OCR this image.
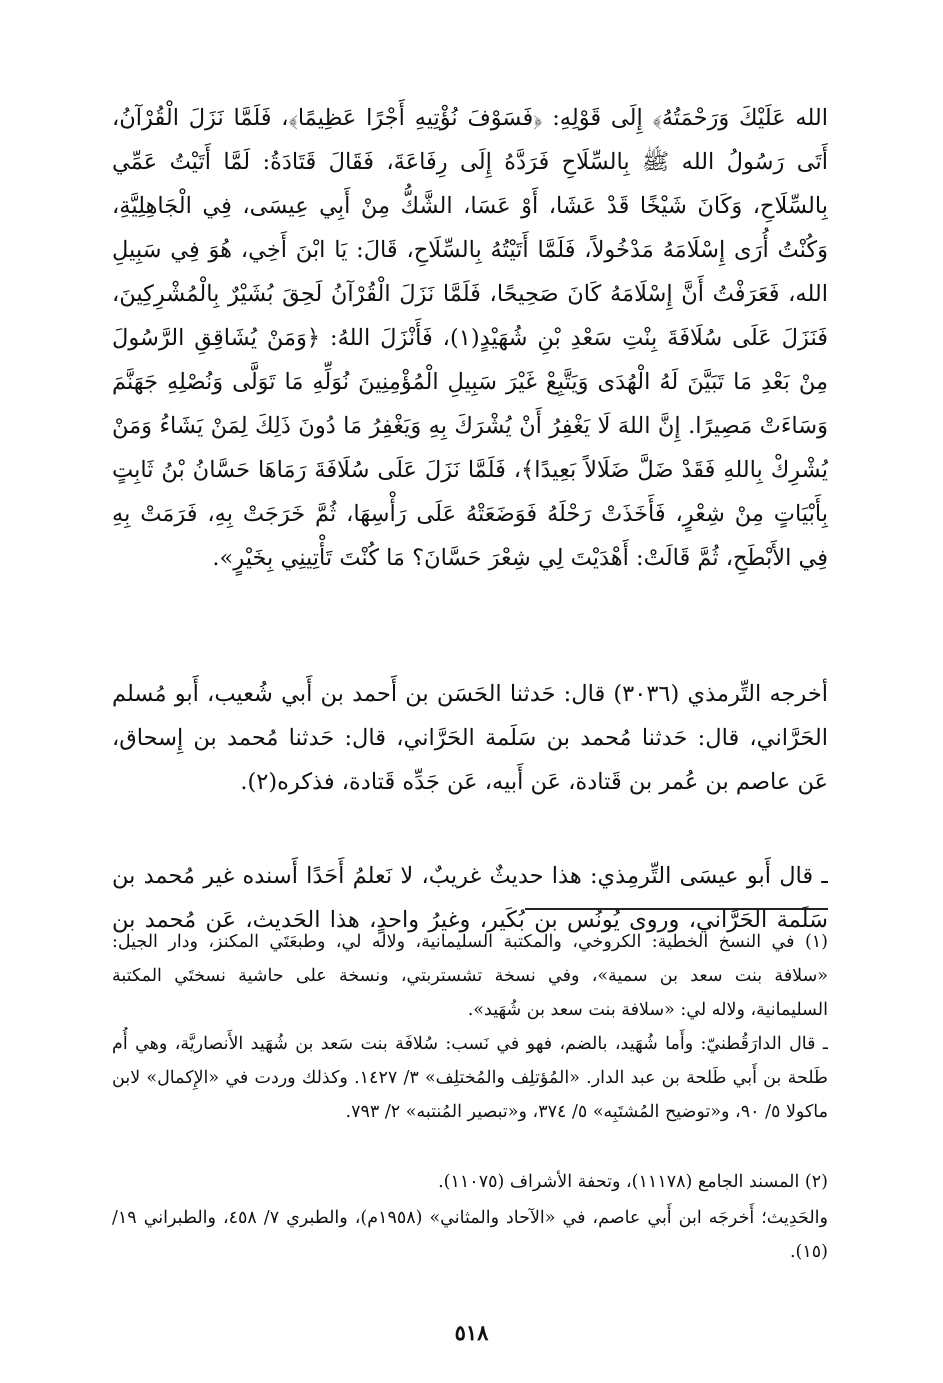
الله عَلَيْكَ وَرَحْمَتُهُ﴾ إِلَى قَوْلِهِ: ﴿فَسَوْفَ نُؤْتِيهِ أَجْرًا عَظِيمًا﴾، فَلَمَّا نَزَلَ الْقُرْآنُ، أَتَى رَسُولُ الله ﷺ بِالسِّلَاحِ فَرَدَّهُ إِلَى رِفَاعَةَ، فَقَالَ قَتَادَةُ: لَمَّا أَتَيْتُ عَمِّي بِالسِّلَاحِ، وَكَانَ شَيْخًا قَدْ عَشَا، أَوْ عَسَا، الشَّكُّ مِنْ أَبِي عِيسَى، فِي الْجَاهِلِيَّةِ، وَكُنْتُ أُرَى إِسْلَامَهُ مَدْخُولاً، فَلَمَّا أَتَيْتُهُ بِالسِّلَاحِ، قَالَ: يَا ابْنَ أَخِي، هُوَ فِي سَبِيلِ الله، فَعَرَفْتُ أَنَّ إِسْلَامَهُ كَانَ صَحِيحًا، فَلَمَّا نَزَلَ الْقُرْآنُ لَحِقَ بُشَيْرٌ بِالْمُشْرِكِينَ، فَنَزَلَ عَلَى سُلَافَةَ بِنْتِ سَعْدِ بْنِ شُهَيْدٍ(١)، فَأَنْزَلَ اللهُ: ﴿وَمَنْ يُشَاقِقِ الرَّسُولَ مِنْ بَعْدِ مَا تَبَيَّنَ لَهُ الْهُدَى وَيَتَّبِعْ غَيْرَ سَبِيلِ الْمُؤْمِنِينَ نُوَلِّهِ مَا تَوَلَّى وَنُصْلِهِ جَهَنَّمَ وَسَاءَتْ مَصِيرًا. إِنَّ اللهَ لَا يَغْفِرُ أَنْ يُشْرَكَ بِهِ وَيَغْفِرُ مَا دُونَ ذَلِكَ لِمَنْ يَشَاءُ وَمَنْ يُشْرِكْ بِاللهِ فَقَدْ ضَلَّ ضَلَالاً بَعِيدًا﴾، فَلَمَّا نَزَلَ عَلَى سُلَافَةَ رَمَاهَا حَسَّانُ بْنُ ثَابِتٍ بِأَبْيَاتٍ مِنْ شِعْرٍ، فَأَخَذَتْ رَحْلَهُ فَوَضَعَتْهُ عَلَى رَأْسِهَا، ثُمَّ خَرَجَتْ بِهِ، فَرَمَتْ بِهِ فِي الأَبْطَحِ، ثُمَّ قَالَتْ: أَهْدَيْتَ لِي شِعْرَ حَسَّانَ؟ مَا كُنْتَ تَأْتِينِي بِخَيْرٍ».

أخرجه التِّرمذي (٣٠٣٦) قال: حَدثنا الحَسَن بن أَحمد بن أَبي شُعيب، أَبو مُسلم الحَرَّاني، قال: حَدثنا مُحمد بن سَلَمة الحَرَّاني، قال: حَدثنا مُحمد بن إِسحاق، عَن عاصم بن عُمر بن قَتادة، عَن أَبيه، عَن جَدِّه قَتادة، فذكره(٢).

ـ قال أَبو عيسَى التِّرمِذي: هذا حديثٌ غريبٌ، لا نَعلمُ أَحَدًا أَسنده غير مُحمد بن سَلَمة الحَرَّاني، وروى يُونُس بن بُكَير، وغيرُ واحدٍ، هذا الحَديث، عَن مُحمد بن

(١) في النسخ الخطية: الكروخي، والمكتبة السليمانية، ولاله لي، وطبعَتَي المكنز، ودار الجيل: «سلافة بنت سعد بن سمية»، وفي نسخة تشستربتي، ونسخة على حاشية نسختَي المكتبة السليمانية، ولاله لي: «سلافة بنت سعد بن شُهَيد».

ـ قال الدارَقُطنيّ: وأَما شُهَيد، بالضم، فهو في نَسب: سُلافَة بنت سَعد بن شُهَيد الأَنصاريَّة، وهي أُم طَلحة بن أَبي طَلحة بن عبد الدار. «المُؤتلِف والمُختلِف» ٣/ ١٤٢٧. وكذلك وردت في «الإِكمال» لابن ماكولا ٥/ ٩٠، و«توضيح المُشتَبِه» ٥/ ٣٧٤، و«تبصير المُنتبه» ٢/ ٧٩٣.

(٢) المسند الجامع (١١١٧٨)، وتحفة الأشراف (١١٠٧٥).

والحَدِيث؛ أَخرجَه ابن أَبي عاصم، في «الآحاد والمثاني» (١٩٥٨م)، والطبري ٧/ ٤٥٨، والطبراني ١٩/ (١٥).

٥١٨
